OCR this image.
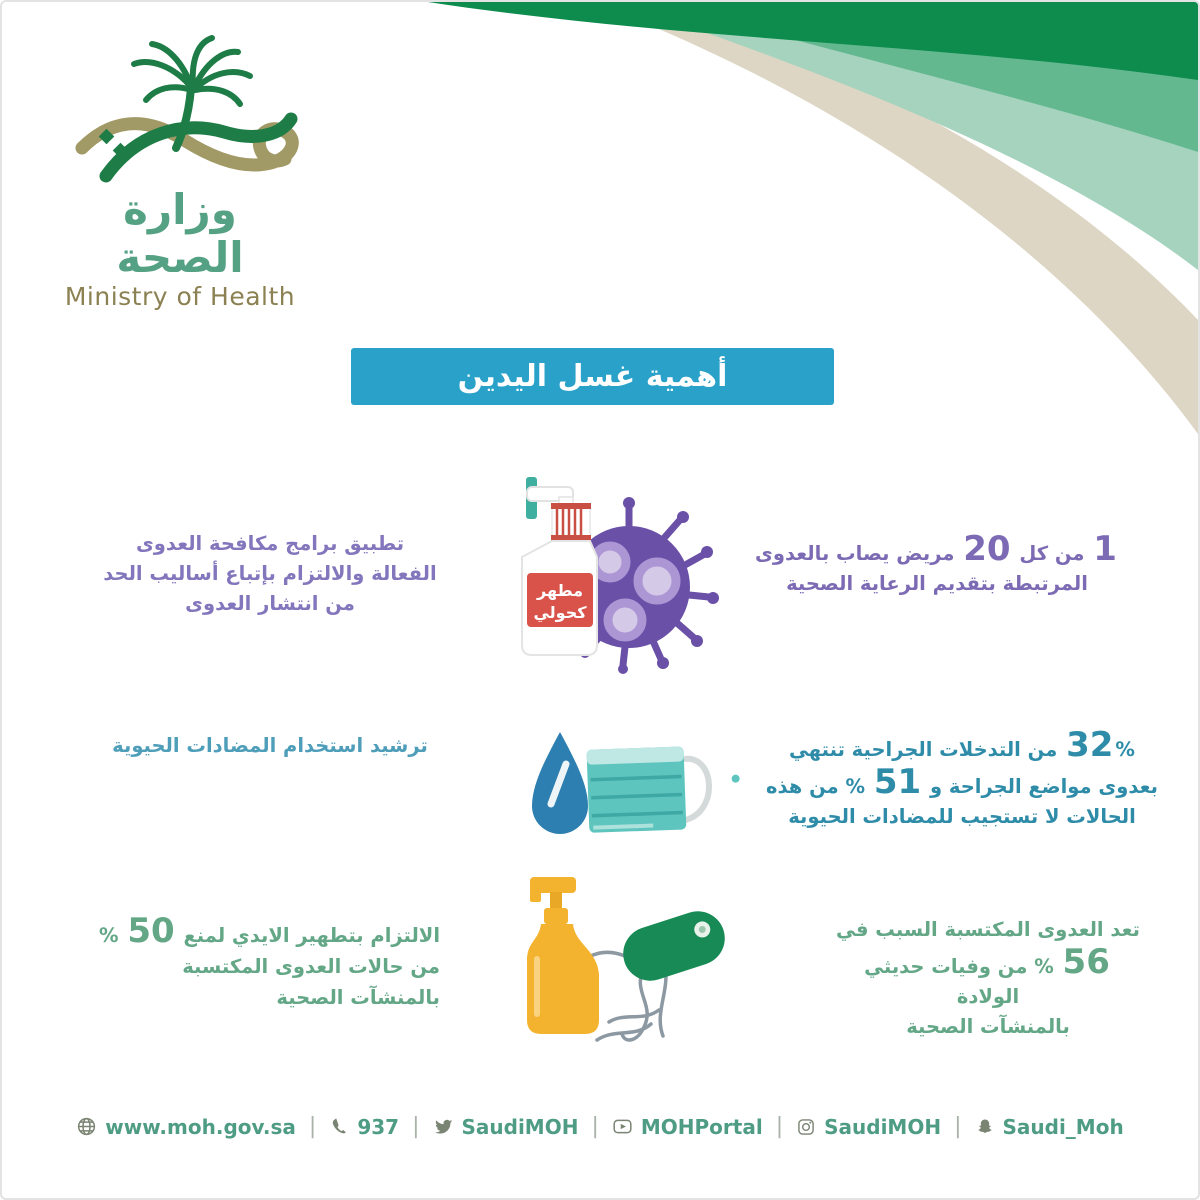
وزارة الصحة
Ministry of Health
أهمية غسل اليدين
تطبيق برامج مكافحة العدوى
الفعالة والالتزام بإتباع أساليب الحد
من انتشار العدوى
مطهر
كحولي
1 من كل 20 مريض يصاب بالعدوى
المرتبطة بتقديم الرعاية الصحية
ترشيد استخدام المضادات الحيوية	32% من التدخلات الجراحية تنتهي
بعدوى مواضع الجراحة و 51 % من هذه
الحالات لا تستجيب للمضادات الحيوية
الالتزام بتطهير الايدي لمنع 50 %
من حالات العدوى المكتسبة
بالمنشآت الصحية
تعد العدوى المكتسبة السبب في
56 % من وفيات حديثي الولادة
بالمنشآت الصحية
www.moh.gov.sa | 937 | SaudiMOH | MOHPortal | SaudiMOH | Saudi_Moh
